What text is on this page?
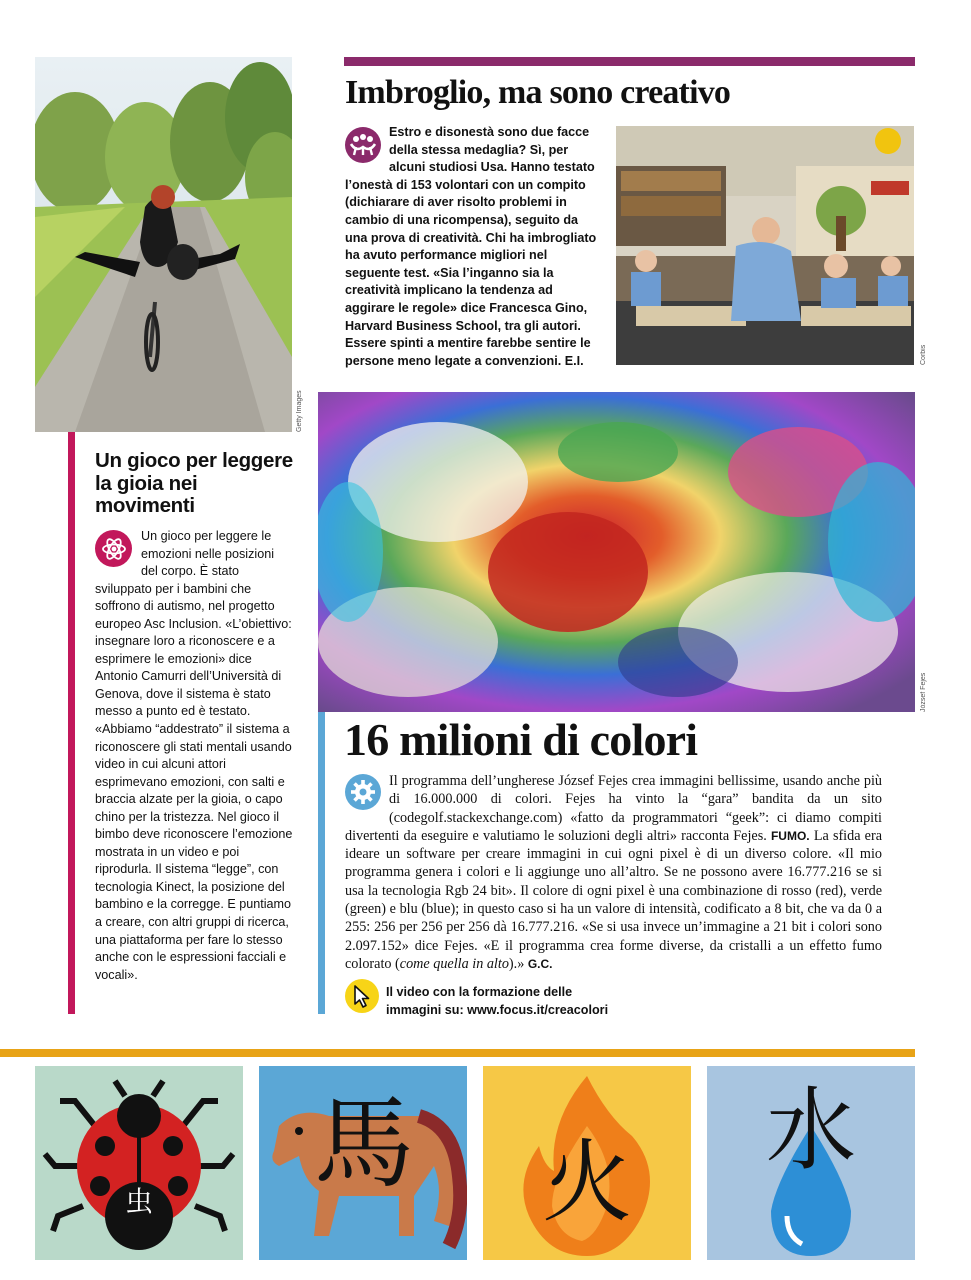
Getty Images
Imbroglio, ma sono creativo
Estro e disonestà sono due facce della stessa medaglia? Sì, per alcuni studiosi Usa. Hanno testato l’onestà di 153 volontari con un compito (dichiarare di aver risolto problemi in cambio di una ricompensa), seguito da una prova di creatività. Chi ha imbrogliato ha avuto performance migliori nel seguente test. «Sia l’inganno sia la creatività implicano la tendenza ad aggirare le regole» dice Francesca Gino, Harvard Business School, tra gli autori. Essere spinti a mentire farebbe sentire le persone meno legate a convenzioni. E.I.	Corbis
József Fejes
Un gioco per leggere la gioia nei movimenti
Un gioco per leggere le emozioni nelle posizioni del corpo. È stato sviluppato per i bambini che soffrono di autismo, nel progetto europeo Asc Inclusion. «L’obiettivo: insegnare loro a riconoscere e a esprimere le emozioni» dice Antonio Camurri dell’Università di Genova, dove il sistema è stato messo a punto ed è testato. «Abbiamo “addestrato” il sistema a riconoscere gli stati mentali usando video in cui alcuni attori esprimevano emozioni, con salti e braccia alzate per la gioia, o capo chino per la tristezza. Nel gioco il bimbo deve riconoscere l’emozione mostrata in un video e poi riprodurla. Il sistema “legge”, con tecnologia Kinect, la posizione del bambino e la corregge. E puntiamo a creare, con altri gruppi di ricerca, una piattaforma per fare lo stesso anche con le espressioni facciali e vocali».
16 milioni di colori
Il programma dell’ungherese József Fejes crea immagini bellissime, usando anche più di 16.000.000 di colori. Fejes ha vinto la “gara” bandita da un sito (codegolf.stackexchange.com) «fatto da programmatori “geek”: ci diamo compiti divertenti da eseguire e valutiamo le soluzioni degli altri» racconta Fejes. FUMO. La sfida era ideare un software per creare immagini in cui ogni pixel è di un diverso colore. «Il mio programma genera i colori e li aggiunge uno all’altro. Se ne possono avere 16.777.216 se si usa la tecnologia Rgb 24 bit». Il colore di ogni pixel è una combinazione di rosso (red), verde (green) e blu (blue); in questo caso si ha un valore di intensità, codificato a 8 bit, che va da 0 a 255: 256 per 256 per 256 dà 16.777.216. «Se si usa invece un’immagine a 21 bit i colori sono 2.097.152» dice Fejes. «E il programma crea forme diverse, da cristalli a un effetto fumo colorato (come quella in alto).» G.C.
Il video con la formazione delle
immagini su: www.focus.it/creacolori
虫 馬 火 水
